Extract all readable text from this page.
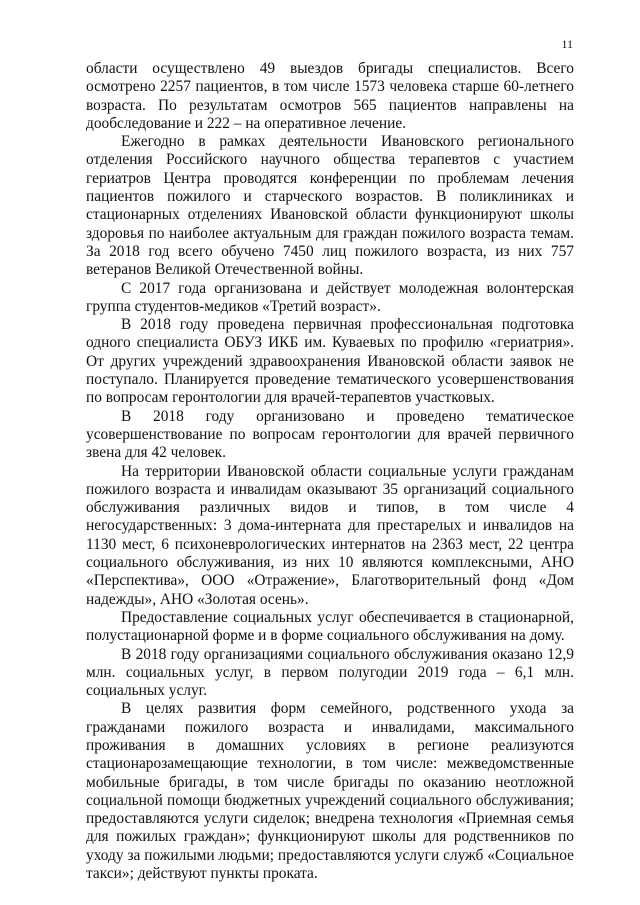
11

области осуществлено 49 выездов бригады специалистов. Всего осмотрено 2257 пациентов, в том числе 1573 человека старше 60-летнего возраста. По результатам осмотров 565 пациентов направлены на дообследование и 222 – на оперативное лечение.

Ежегодно в рамках деятельности Ивановского регионального отделения Российского научного общества терапевтов с участием гериатров Центра проводятся конференции по проблемам лечения пациентов пожилого и старческого возрастов. В поликлиниках и стационарных отделениях Ивановской области функционируют школы здоровья по наиболее актуальным для граждан пожилого возраста темам. За 2018 год всего обучено 7450 лиц пожилого возраста, из них 757 ветеранов Великой Отечественной войны.

С 2017 года организована и действует молодежная волонтерская группа студентов-медиков «Третий возраст».

В 2018 году проведена первичная профессиональная подготовка одного специалиста ОБУЗ ИКБ им. Куваевых по профилю «гериатрия». От других учреждений здравоохранения Ивановской области заявок не поступало. Планируется проведение тематического усовершенствования по вопросам геронтологии для врачей-терапевтов участковых.

В 2018 году организовано и проведено тематическое усовершенствование по вопросам геронтологии для врачей первичного звена для 42 человек.

На территории Ивановской области социальные услуги гражданам пожилого возраста и инвалидам оказывают 35 организаций социального обслуживания различных видов и типов, в том числе 4 негосударственных: 3 дома-интерната для престарелых и инвалидов на 1130 мест, 6 психоневрологических интернатов на 2363 мест, 22 центра социального обслуживания, из них 10 являются комплексными, АНО «Перспектива», ООО «Отражение», Благотворительный фонд «Дом надежды», АНО «Золотая осень».

Предоставление социальных услуг обеспечивается в стационарной, полустационарной форме и в форме социального обслуживания на дому.

В 2018 году организациями социального обслуживания оказано 12,9 млн. социальных услуг, в первом полугодии 2019 года – 6,1 млн. социальных услуг.

В целях развития форм семейного, родственного ухода за гражданами пожилого возраста и инвалидами, максимального проживания в домашних условиях в регионе реализуются стационарозамещающие технологии, в том числе: межведомственные мобильные бригады, в том числе бригады по оказанию неотложной социальной помощи бюджетных учреждений социального обслуживания; предоставляются услуги сиделок; внедрена технология «Приемная семья для пожилых граждан»; функционируют школы для родственников по уходу за пожилыми людьми; предоставляются услуги служб «Социальное такси»; действуют пункты проката.
